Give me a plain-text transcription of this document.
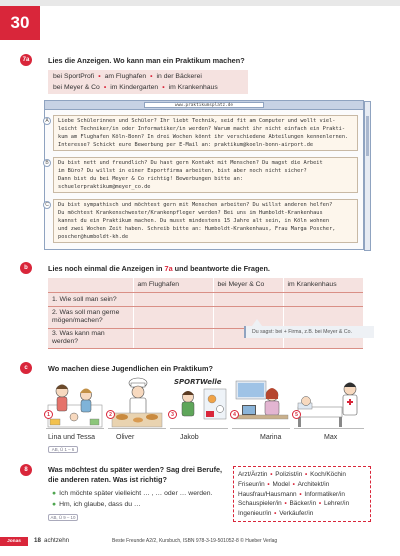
30
7a	Lies die Anzeigen. Wo kann man ein Praktikum machen?
bei SportProfi • am Flughafen • in der Bäckerei
bei Meyer & Co • im Kindergarten • im Krankenhaus
www.praktikumsplatz.de
Liebe Schülerinnen und Schüler? Ihr liebt Technik, seid fit am Computer und wollt viel-
leicht Techniker/in oder Informatiker/in werden? Warum macht ihr nicht einfach ein Prakti-
kum am Flughafen Köln-Bonn? In drei Wochen könnt ihr verschiedene Abteilungen kennenlernen.
Interesse? Schickt eure Bewerbung per E-Mail an: praktikum@koeln-bonn-airport.de
Du bist nett und freundlich? Du hast gern Kontakt mit Menschen? Du magst die Arbeit
im Büro? Du willst in einer Exportfirma arbeiten, bist aber noch nicht sicher?
Dann bist du bei Meyer & Co richtig! Bewerbungen bitte an:
schuelerpraktikum@meyer_co.de
Du bist sympathisch und möchtest gern mit Menschen arbeiten? Du willst anderen helfen?
Du möchtest Krankenschwester/Krankenpfleger werden? Bei uns im Humboldt-Krankenhaus
kannst du ein Praktikum machen. Du musst mindestens 15 Jahre alt sein, in Köln wohnen
und zwei Wochen Zeit haben. Schreib bitte an: Humboldt-Krankenhaus, Frau Marga Poscher,
poscher@humboldt-kh.de
A
B
C
b	Lies noch einmal die Anzeigen in 7a und beantworte die Fragen.
	am Flughafen	bei Meyer & Co	im Krankenhaus
1. Wie soll man sein?			
2. Was soll man gerne mögen/machen?			
3. Was kann man werden?			
Du sagst: bei + Firma, z.B. bei Meyer & Co.
c	Wo machen diese Jugendlichen ein Praktikum?
SPORTWelle
1	2	3	4	5
Lina und Tessa	Oliver	Jakob	Marina	Max
AB, Ü 1 – 6
8	Was möchtest du später werden? Sag drei Berufe,
die anderen raten. Was ist richtig?
● Ich möchte später vielleicht … , … oder … werden.
● Hm, ich glaube, dass du …
AB, Ü 9 – 10
Arzt/Ärztin • Polizist/in • Koch/Köchin
Friseur/in • Model • Architekt/in
Hausfrau/Hausmann • Informatiker/in
Schauspieler/in • Bäcker/in • Lehrer/in
Ingenieur/in • Verkäufer/in
Jonas	18 achtzehn	Beste Freunde A2/2, Kursbuch, ISBN 978-3-19-501052-8 © Hueber Verlag
